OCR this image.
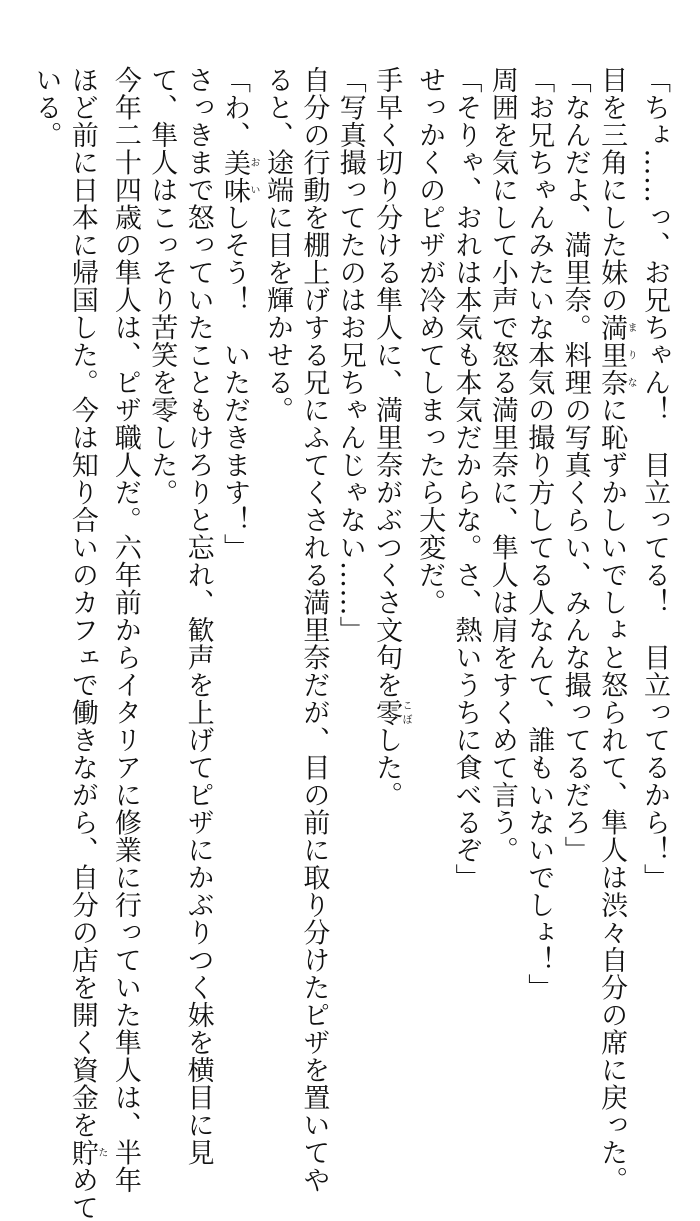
「ちょ……っ、お兄ちゃん！　目立ってる！　目立ってるから！」
目を三角にした妹の満里奈まりなに恥ずかしいでしょと怒られて、隼人は渋々自分の席に戻った。
「なんだよ、満里奈。料理の写真くらい、みんな撮ってるだろ」
「お兄ちゃんみたいな本気の撮り方してる人なんて、誰もいないでしょ！」
周囲を気にして小声で怒る満里奈に、隼人は肩をすくめて言う。
「そりゃ、おれは本気も本気だからな。さ、熱いうちに食べるぞ」
せっかくのピザが冷めてしまったら大変だ。
手早く切り分ける隼人に、満里奈がぶつくさ文句を零こぼした。
「写真撮ってたのはお兄ちゃんじゃない……」
自分の行動を棚上げする兄にふてくされる満里奈だが、目の前に取り分けたピザを置いてや
ると、途端に目を輝かせる。
「わ、美味おいしそう！　いただきます！」
さっきまで怒っていたこともけろりと忘れ、歓声を上げてピザにかぶりつく妹を横目に見
て、隼人はこっそり苦笑を零した。
今年二十四歳の隼人は、ピザ職人だ。六年前からイタリアに修業に行っていた隼人は、半年
ほど前に日本に帰国した。今は知り合いのカフェで働きながら、自分の店を開く資金を貯ためて
いる。
